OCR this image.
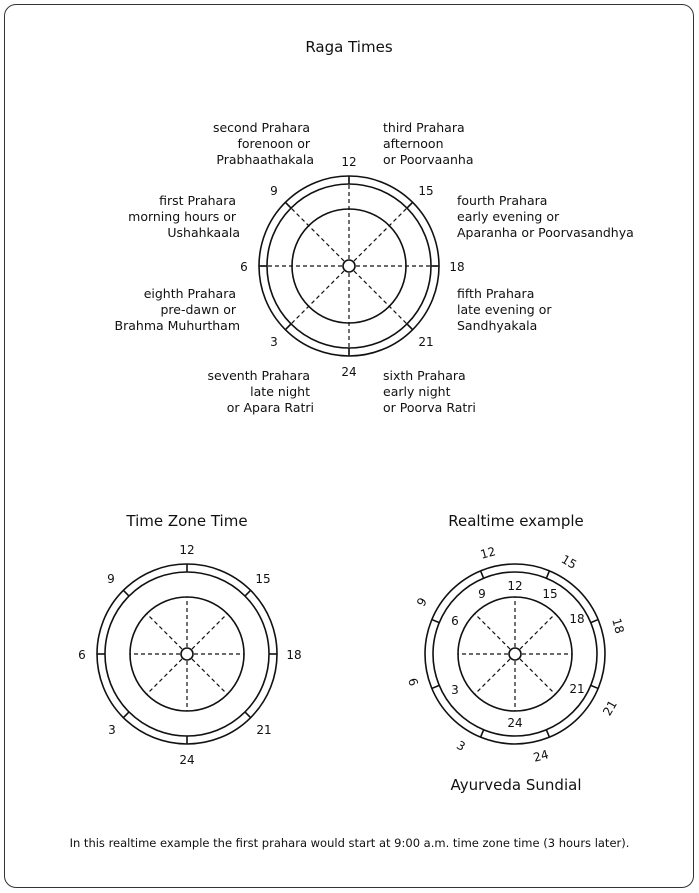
Raga Times
12
15
18
21
24
3
6
9
second Prahara forenoon or Prabhaathakala
third Prahara afternoon or Poorvaanha
fourth Prahara early evening or Aparanha or Poorvasandhya
fifth Prahara late evening or Sandhyakala
sixth Prahara early night or Poorva Ratri
seventh Prahara late night or Apara Ratri
eighth Prahara pre-dawn or Brahma Muhurtham
first Prahara morning hours or Ushahkaala
Time Zone Time
12
15
18
21
24
3
6
9
Realtime example
12	15
18
21
24
3
6
9
12
15
18
21
24
3
6
9
Ayurveda Sundial
In this realtime example the first prahara would start at 9:00 a.m. time zone time (3 hours later).
